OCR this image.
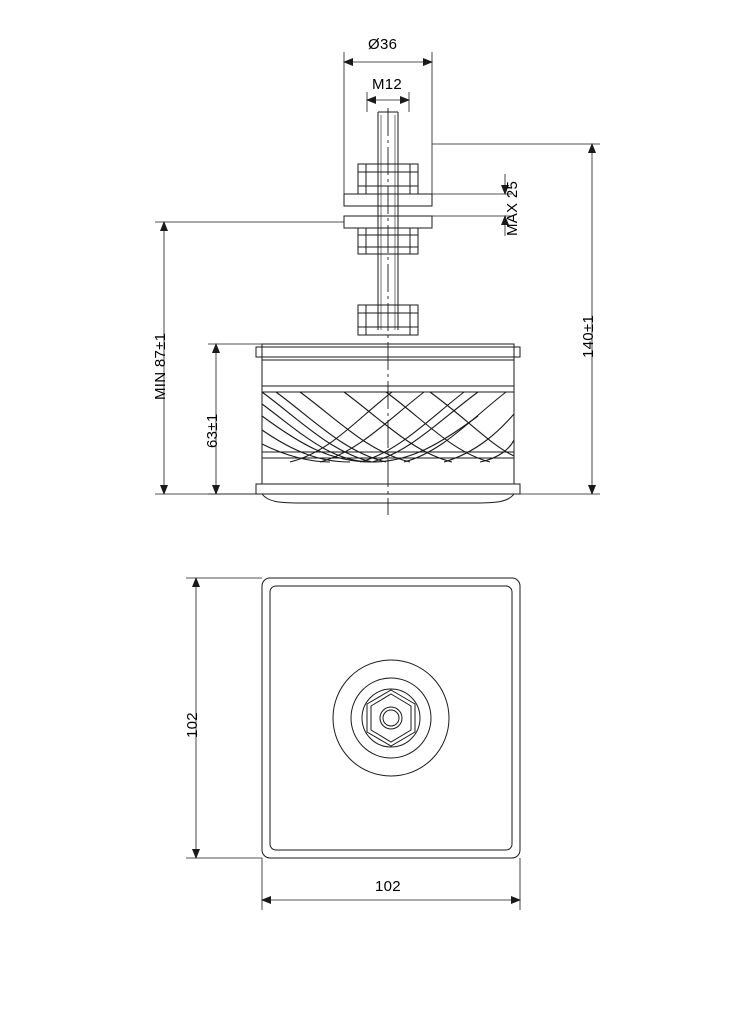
Ø36
M12
MAX 25
140±1
MIN 87±1
63±1
102
102
